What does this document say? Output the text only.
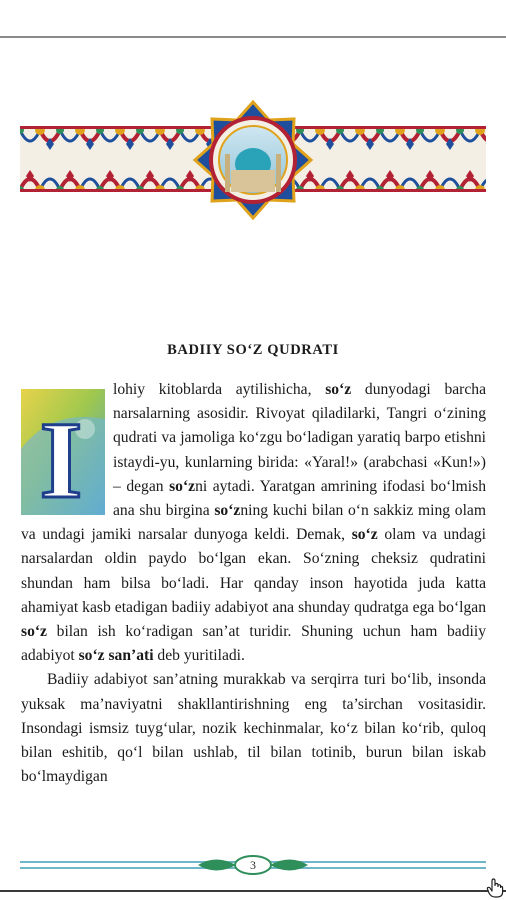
BADIIY SO‘Z QUDRATI
I

lohiy kitoblarda aytilishicha, so‘z dunyodagi barcha narsalarning asosidir. Rivoyat qiladilarki, Tangri o‘zining qudrati va jamoliga ko‘zgu bo‘ladigan yaratiq barpo etishni istaydi-yu, kunlarning birida: «Yaral!» (arabchasi «Kun!») – degan so‘zni aytadi. Yaratgan amrining ifodasi bo‘lmish ana shu birgina so‘zning kuchi bilan o‘n sakkiz ming olam va undagi jamiki narsalar dunyoga keldi. Demak, so‘z olam va undagi narsalardan oldin paydo bo‘lgan ekan. So‘zning cheksiz qudratini shundan ham bilsa bo‘ladi. Har qanday inson hayotida juda katta ahamiyat kasb etadigan badiiy adabiyot ana shunday qudratga ega bo‘lgan so‘z bilan ish ko‘radigan san’at turidir. Shuning uchun ham badiiy adabiyot so‘z san’ati deb yuritiladi.

Badiiy adabiyot san’atning murakkab va serqirra turi bo‘lib, insonda yuksak ma’naviyatni shakllantirishning eng ta’sirchan vositasidir. Insondagi ismsiz tuyg‘ular, nozik kechinmalar, ko‘z bilan ko‘rib, quloq bilan eshitib, qo‘l bilan ushlab, til bilan totinib, burun bilan iskab bo‘lmaydigan

3
